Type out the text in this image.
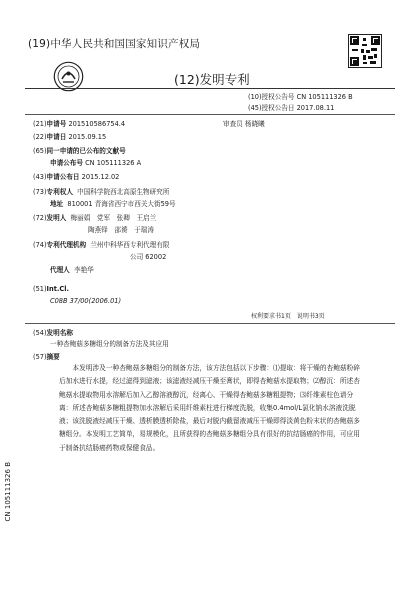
(19)中华人民共和国国家知识产权局
(12)发明专利
(10)授权公告号 CN 105111326 B
(45)授权公告日 2017.08.11
(21)申请号 201510586754.4	审查员 杨晓曦
(22)申请日 2015.09.15
(65)同一申请的已公布的文献号
申请公布号 CN 105111326 A
(43)申请公布日 2015.12.02
(73)专利权人 中国科学院西北高原生物研究所
地址 810001 青海省西宁市西关大街59号
(72)发明人 梅丽娟　党军　张卿　王启兰
陶燕铎　邵赟　于瑞涛
(74)专利代理机构 兰州中科华西专利代理有限
公司 62002
代理人 李艳华
(51)Int.Cl.
C08B 37/00(2006.01)
权利要求书1页　说明书3页
(54)发明名称
一种杏鲍菇多糖组分的制备方法及其应用
(57)摘要

本发明涉及一种杏鲍菇多糖组分的制备方法，该方法包括以下步骤：⑴提取：将干燥的杏鲍菇粉碎后加水进行水提，经过滤得到滤液；该滤液经减压干燥至膏状，即得杏鲍菇水提取物；⑵醇沉：所述杏鲍菇水提取物用水溶解后加入乙醇溶液醇沉，经离心、干燥得杏鲍菇多糖粗提物；⑶纤维素柱色谱分离：所述杏鲍菇多糖粗提物加水溶解后采用纤维素柱进行梯度洗脱，收集0.4mol/L氯化钠水溶液洗脱液；该洗脱液经减压干燥、透析膜透析除盐，最后对脱内截留液减压干燥即得淡黄色粉末状的杏鲍菇多糖组分。本发明工艺简单，易规模化，且所获得的杏鲍菇多糖组分具有很好的抗结肠癌的作用，可应用于制备抗结肠癌药物或保健食品。

CN 105111326 B
